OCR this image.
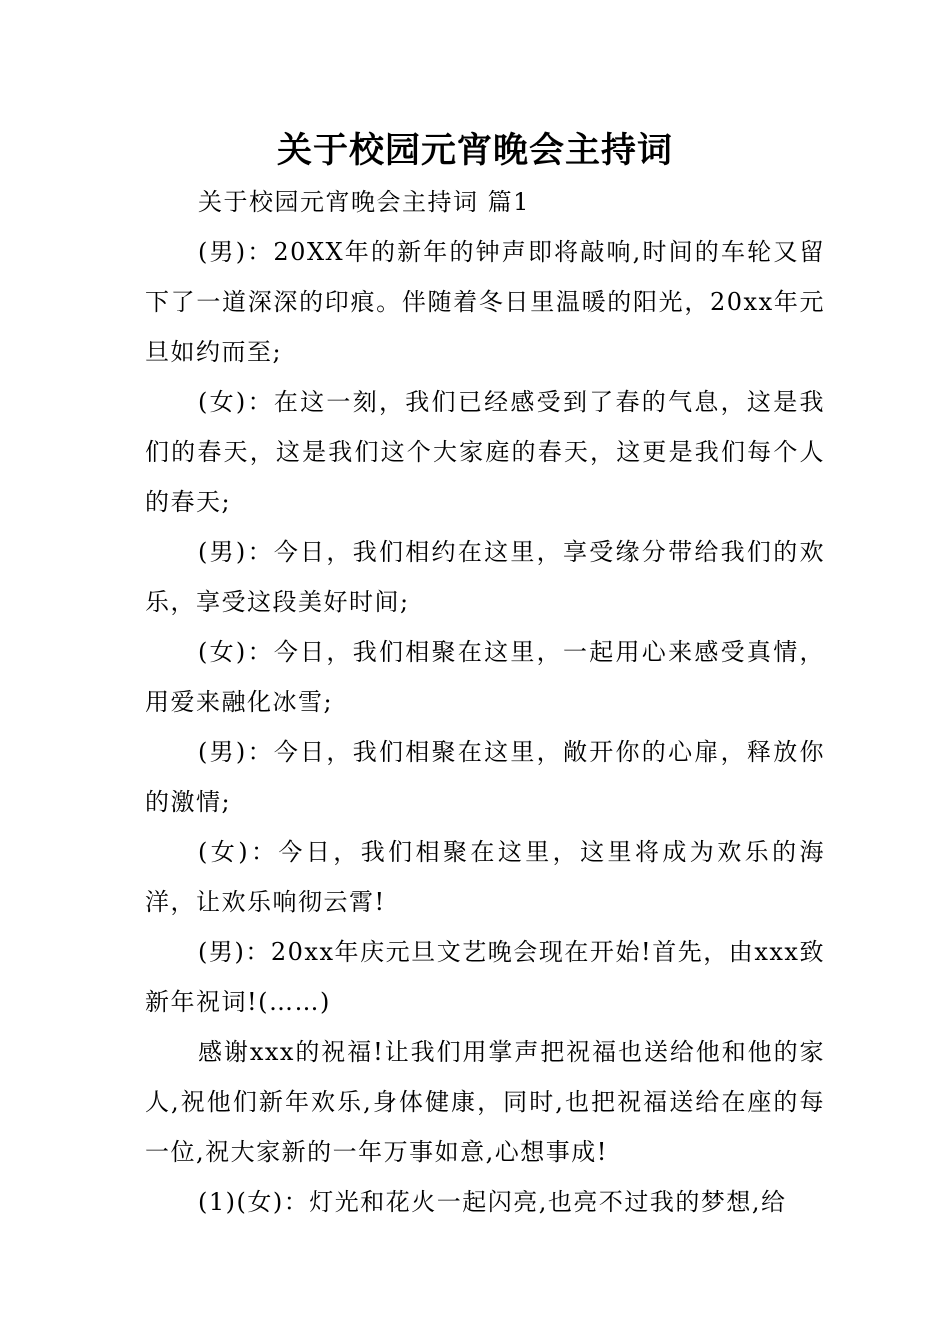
关于校园元宵晚会主持词

关于校园元宵晚会主持词 篇1

(男)：20XX年的新年的钟声即将敲响,时间的车轮又留下了一道深深的印痕。伴随着冬日里温暖的阳光，20xx年元旦如约而至;

(女)：在这一刻，我们已经感受到了春的气息，这是我们的春天，这是我们这个大家庭的春天，这更是我们每个人的春天;

(男)：今日，我们相约在这里，享受缘分带给我们的欢乐，享受这段美好时间;

(女)：今日，我们相聚在这里，一起用心来感受真情，用爱来融化冰雪;

(男)：今日，我们相聚在这里，敞开你的心扉，释放你的激情;

(女)：今日，我们相聚在这里，这里将成为欢乐的海洋，让欢乐响彻云霄!

(男)：20xx年庆元旦文艺晚会现在开始!首先，由xxx致新年祝词!(……)

感谢xxx的祝福!让我们用掌声把祝福也送给他和他的家人,祝他们新年欢乐,身体健康，同时,也把祝福送给在座的每一位,祝大家新的一年万事如意,心想事成!

(1)(女)：灯光和花火一起闪亮,也亮不过我的梦想,给
